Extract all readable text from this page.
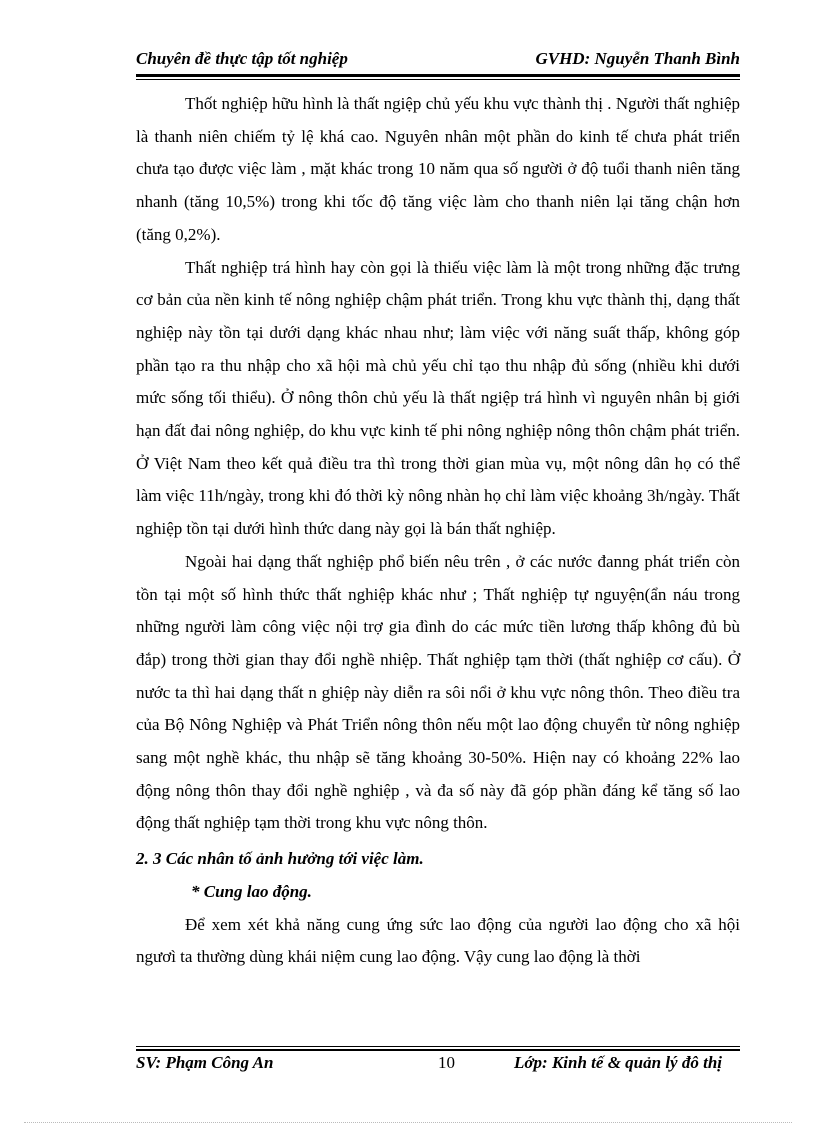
Chuyên đề thực tập tốt nghiệp	GVHD: Nguyễn Thanh Bình

Thốt nghiệp hữu hình là thất ngiệp chủ yếu khu vực thành thị . Người thất nghiệp là thanh niên chiếm tỷ lệ khá cao. Nguyên nhân một phần do kinh tế chưa phát triển chưa tạo được việc làm , mặt khác trong 10 năm qua số người ở độ tuổi thanh niên tăng nhanh (tăng 10,5%) trong khi tốc độ tăng việc làm cho thanh niên lại tăng chận hơn (tăng 0,2%).

Thất nghiệp trá hình hay còn gọi là thiếu việc làm là một trong những đặc trưng cơ bản của nền kinh tế nông nghiệp chậm phát triển. Trong khu vực thành thị, dạng thất nghiệp này tồn tại dưới dạng khác nhau như; làm việc với năng suất thấp, không góp phần tạo ra thu nhập cho xã hội mà chủ yếu chỉ tạo thu nhập đủ sống (nhiều khi dưới mức sống tối thiểu). Ở nông thôn chủ yếu là thất ngiệp trá hình vì nguyên nhân bị giới hạn đất đai nông nghiệp, do khu vực kinh tế phi nông nghiệp nông thôn chậm phát triển. Ở Việt Nam theo kết quả điều tra thì trong thời gian mùa vụ, một nông dân họ có thể làm việc 11h/ngày, trong khi đó thời kỳ nông nhàn họ chỉ làm việc khoảng 3h/ngày. Thất nghiệp tồn tại dưới hình thức dang này gọi là bán thất nghiệp.

Ngoài hai dạng thất nghiệp phổ biến nêu trên , ở các nước đanng phát triển còn tồn tại một số hình thức thất nghiệp khác như ; Thất nghiệp tự nguyện(ẩn náu trong những người làm công việc nội trợ gia đình do các mức tiền lương thấp không đủ bù đắp) trong thời gian thay đổi nghề nhiệp. Thất nghiệp tạm thời (thất nghiệp cơ cấu). Ở nước ta thì hai dạng thất n ghiệp này diễn ra sôi nổi ở khu vực nông thôn. Theo điều tra của Bộ Nông Nghiệp và Phát Triển nông thôn nếu một lao động chuyển từ nông nghiệp sang một nghề khác, thu nhập sẽ tăng khoảng 30-50%. Hiện nay có khoảng 22% lao động nông thôn thay đổi nghề nghiệp , và đa số này đã góp phần đáng kể tăng số lao động thất nghiệp tạm thời trong khu vực nông thôn.

2. 3 Các nhân tố ảnh hưởng tới việc làm.
* Cung lao động.

Để xem xét khả năng cung ứng sức lao động của người lao động cho xã hội ngươì ta thường dùng khái niệm cung lao động. Vậy cung lao động là thời

SV: Phạm Công An	10	Lớp: Kinh tế & quản lý đô thị
